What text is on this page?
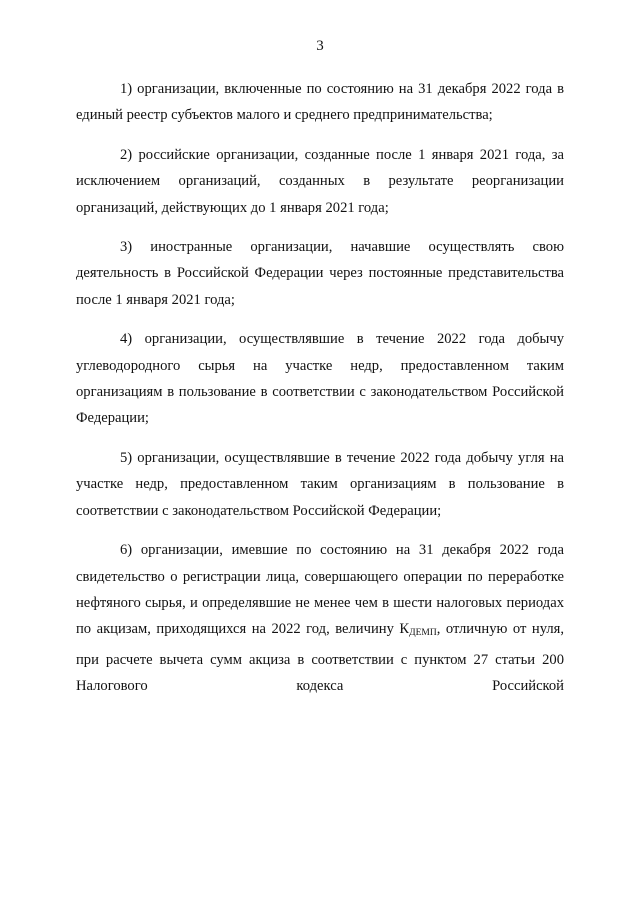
3

1) организации, включенные по состоянию на 31 декабря 2022 года в единый реестр субъектов малого и среднего предпринимательства;

2) российские организации, созданные после 1 января 2021 года, за исключением организаций, созданных в результате реорганизации организаций, действующих до 1 января 2021 года;

3) иностранные организации, начавшие осуществлять свою деятельность в Российской Федерации через постоянные представительства после 1 января 2021 года;

4) организации, осуществлявшие в течение 2022 года добычу углеводородного сырья на участке недр, предоставленном таким организациям в пользование в соответствии с законодательством Российской Федерации;

5) организации, осуществлявшие в течение 2022 года добычу угля на участке недр, предоставленном таким организациям в пользование в соответствии с законодательством Российской Федерации;

6) организации, имевшие по состоянию на 31 декабря 2022 года свидетельство о регистрации лица, совершающего операции по переработке нефтяного сырья, и определявшие не менее чем в шести налоговых периодах по акцизам, приходящихся на 2022 год, величину $К_{ДЕМП}$, отличную от нуля, при расчете вычета сумм акциза в соответствии с пунктом 27 статьи 200 Налогового кодекса Российской
